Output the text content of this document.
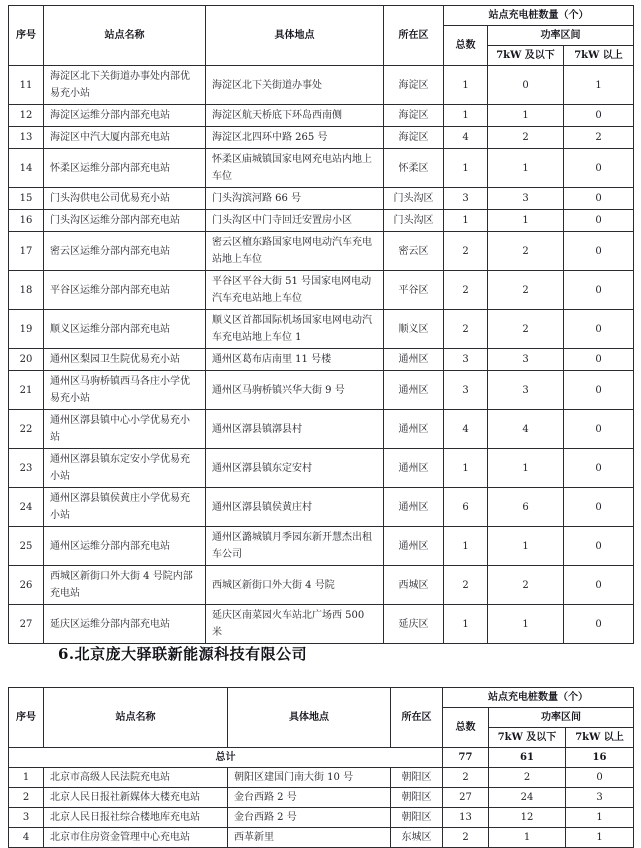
序号	站点名称	具体地点	所在区	站点充电桩数量（个）		
				总数	功率区间	
					7kW 及以下	7kW 以上
11	海淀区北下关街道办事处内部优易充小站	海淀区北下关街道办事处	海淀区	1	0	1
12	海淀区运维分部内部充电站	海淀区航天桥底下环岛西南侧	海淀区	1	1	0
13	海淀区中汽大厦内部充电站	海淀区北四环中路 265 号	海淀区	4	2	2
14	怀柔区运维分部内部充电站	怀柔区庙城镇国家电网充电站内地上车位	怀柔区	1	1	0
15	门头沟供电公司优易充小站	门头沟滨河路 66 号	门头沟区	3	3	0
16	门头沟区运维分部内部充电站	门头沟区中门寺回迁安置房小区	门头沟区	1	1	0
17	密云区运维分部内部充电站	密云区檀东路国家电网电动汽车充电站地上车位	密云区	2	2	0
18	平谷区运维分部内部充电站	平谷区平谷大街 51 号国家电网电动汽车充电站地上车位	平谷区	2	2	0
19	顺义区运维分部内部充电站	顺义区首都国际机场国家电网电动汽车充电站地上车位 1	顺义区	2	2	0
20	通州区梨园卫生院优易充小站	通州区葛布店南里 11 号楼	通州区	3	3	0
21	通州区马驹桥镇西马各庄小学优易充小站	通州区马驹桥镇兴华大街 9 号	通州区	3	3	0
22	通州区漷县镇中心小学优易充小站	通州区漷县镇漷县村	通州区	4	4	0
23	通州区漷县镇东定安小学优易充小站	通州区漷县镇东定安村	通州区	1	1	0
24	通州区漷县镇侯黄庄小学优易充小站	通州区漷县镇侯黄庄村	通州区	6	6	0
25	通州区运维分部内部充电站	通州区潞城镇月季园东新开慧杰出租车公司	通州区	1	1	0
26	西城区新街口外大街 4 号院内部充电站	西城区新街口外大街 4 号院	西城区	2	2	0
27	延庆区运维分部内部充电站	延庆区南菜园火车站北广场西 500 米	延庆区	1	1	0
6.北京庞大驿联新能源科技有限公司
序号	站点名称	具体地点	所在区	站点充电桩数量（个）		
				总数	功率区间	
					7kW 及以下	7kW 以上
总计				77	61	16
1	北京市高级人民法院充电站	朝阳区建国门南大街 10 号	朝阳区	2	2	0
2	北京人民日报社新媒体大楼充电站	金台西路 2 号	朝阳区	27	24	3
3	北京人民日报社综合楼地库充电站	金台西路 2 号	朝阳区	13	12	1
4	北京市住房资金管理中心充电站	西革新里	东城区	2	1	1
